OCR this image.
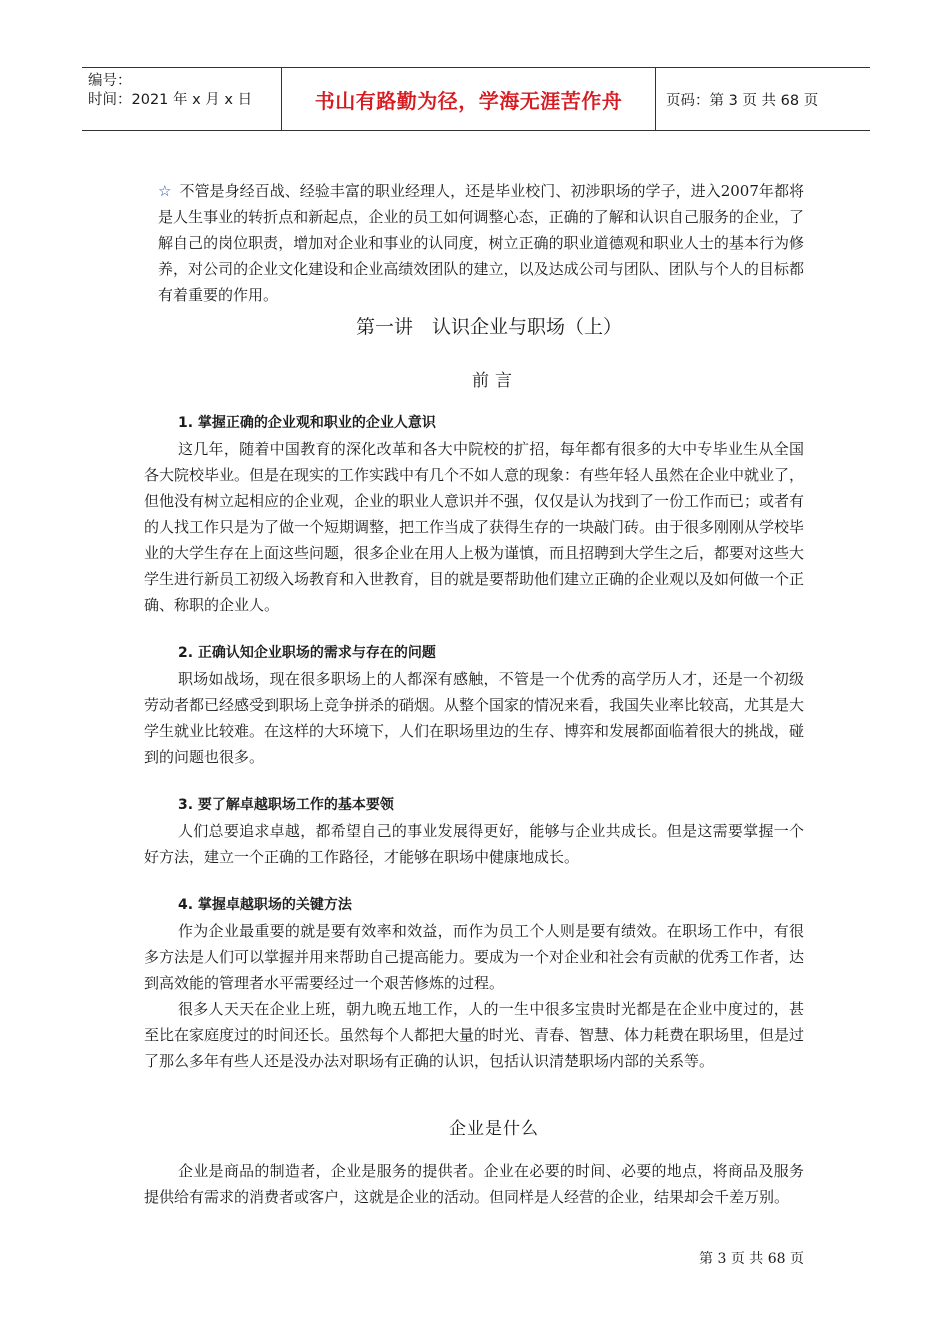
编号：
时间：2021 年 x 月 x 日	书山有路勤为径，学海无涯苦作舟	页码：第 3 页 共 68 页

☆ 不管是身经百战、经验丰富的职业经理人，还是毕业校门、初涉职场的学子，进入2007年都将是人生事业的转折点和新起点，企业的员工如何调整心态，正确的了解和认识自己服务的企业，了解自己的岗位职责，增加对企业和事业的认同度，树立正确的职业道德观和职业人士的基本行为修养，对公司的企业文化建设和企业高绩效团队的建立，以及达成公司与团队、团队与个人的目标都有着重要的作用。

第一讲　认识企业与职场（上）
前言
1. 掌握正确的企业观和职业的企业人意识

这几年，随着中国教育的深化改革和各大中院校的扩招，每年都有很多的大中专毕业生从全国各大院校毕业。但是在现实的工作实践中有几个不如人意的现象：有些年轻人虽然在企业中就业了，但他没有树立起相应的企业观，企业的职业人意识并不强，仅仅是认为找到了一份工作而已；或者有的人找工作只是为了做一个短期调整，把工作当成了获得生存的一块敲门砖。由于很多刚刚从学校毕业的大学生存在上面这些问题，很多企业在用人上极为谨慎，而且招聘到大学生之后，都要对这些大学生进行新员工初级入场教育和入世教育，目的就是要帮助他们建立正确的企业观以及如何做一个正确、称职的企业人。

2. 正确认知企业职场的需求与存在的问题

职场如战场，现在很多职场上的人都深有感触，不管是一个优秀的高学历人才，还是一个初级劳动者都已经感受到职场上竞争拼杀的硝烟。从整个国家的情况来看，我国失业率比较高，尤其是大学生就业比较难。在这样的大环境下，人们在职场里边的生存、博弈和发展都面临着很大的挑战，碰到的问题也很多。

3. 要了解卓越职场工作的基本要领

人们总要追求卓越，都希望自己的事业发展得更好，能够与企业共成长。但是这需要掌握一个好方法，建立一个正确的工作路径，才能够在职场中健康地成长。

4. 掌握卓越职场的关键方法

作为企业最重要的就是要有效率和效益，而作为员工个人则是要有绩效。在职场工作中，有很多方法是人们可以掌握并用来帮助自己提高能力。要成为一个对企业和社会有贡献的优秀工作者，达到高效能的管理者水平需要经过一个艰苦修炼的过程。

很多人天天在企业上班，朝九晚五地工作，人的一生中很多宝贵时光都是在企业中度过的，甚至比在家庭度过的时间还长。虽然每个人都把大量的时光、青春、智慧、体力耗费在职场里，但是过了那么多年有些人还是没办法对职场有正确的认识，包括认识清楚职场内部的关系等。

企业是什么

企业是商品的制造者，企业是服务的提供者。企业在必要的时间、必要的地点，将商品及服务提供给有需求的消费者或客户，这就是企业的活动。但同样是人经营的企业，结果却会千差万别。

第 3 页 共 68 页
